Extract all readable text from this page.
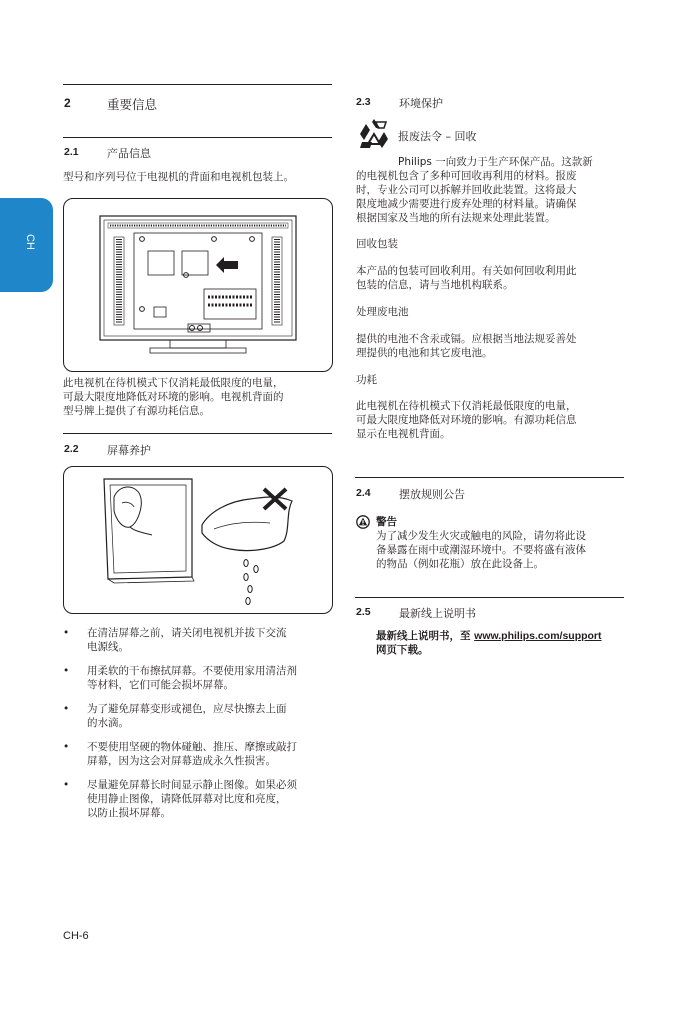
CH
2	重要信息
2.1	产品信息
型号和序列号位于电视机的背面和电视机包装上。
此电视机在待机模式下仅消耗最低限度的电量，
可最大限度地降低对环境的影响。电视机背面的
型号牌上提供了有源功耗信息。
2.2	屏幕养护
• 在清洁屏幕之前，请关闭电视机并拔下交流
电源线。
• 用柔软的干布擦拭屏幕。不要使用家用清洁剂
等材料，它们可能会损坏屏幕。
• 为了避免屏幕变形或褪色，应尽快擦去上面
的水滴。
• 不要使用坚硬的物体碰触、推压、摩擦或敲打
屏幕，因为这会对屏幕造成永久性损害。
• 尽量避免屏幕长时间显示静止图像。如果必须
使用静止图像，请降低屏幕对比度和亮度，
以防止损坏屏幕。
2.3	环境保护
报废法令 – 回收
Philips 一向致力于生产环保产品。这款新
的电视机包含了多种可回收再利用的材料。报废
时，专业公司可以拆解并回收此装置。这将最大
限度地减少需要进行废弃处理的材料量。请确保
根据国家及当地的所有法规来处理此装置。
回收包装
本产品的包装可回收利用。有关如何回收利用此
包装的信息，请与当地机构联系。
处理废电池
提供的电池不含汞或镉。应根据当地法规妥善处
理提供的电池和其它废电池。
功耗
此电视机在待机模式下仅消耗最低限度的电量，
可最大限度地降低对环境的影响。有源功耗信息
显示在电视机背面。
2.4	摆放规则公告
警告
为了减少发生火灾或触电的风险，请勿将此设
备暴露在雨中或潮湿环境中。不要将盛有液体
的物品（例如花瓶）放在此设备上。
2.5	最新线上说明书
最新线上说明书，至 www.philips.com/support
网页下载。
CH-6
